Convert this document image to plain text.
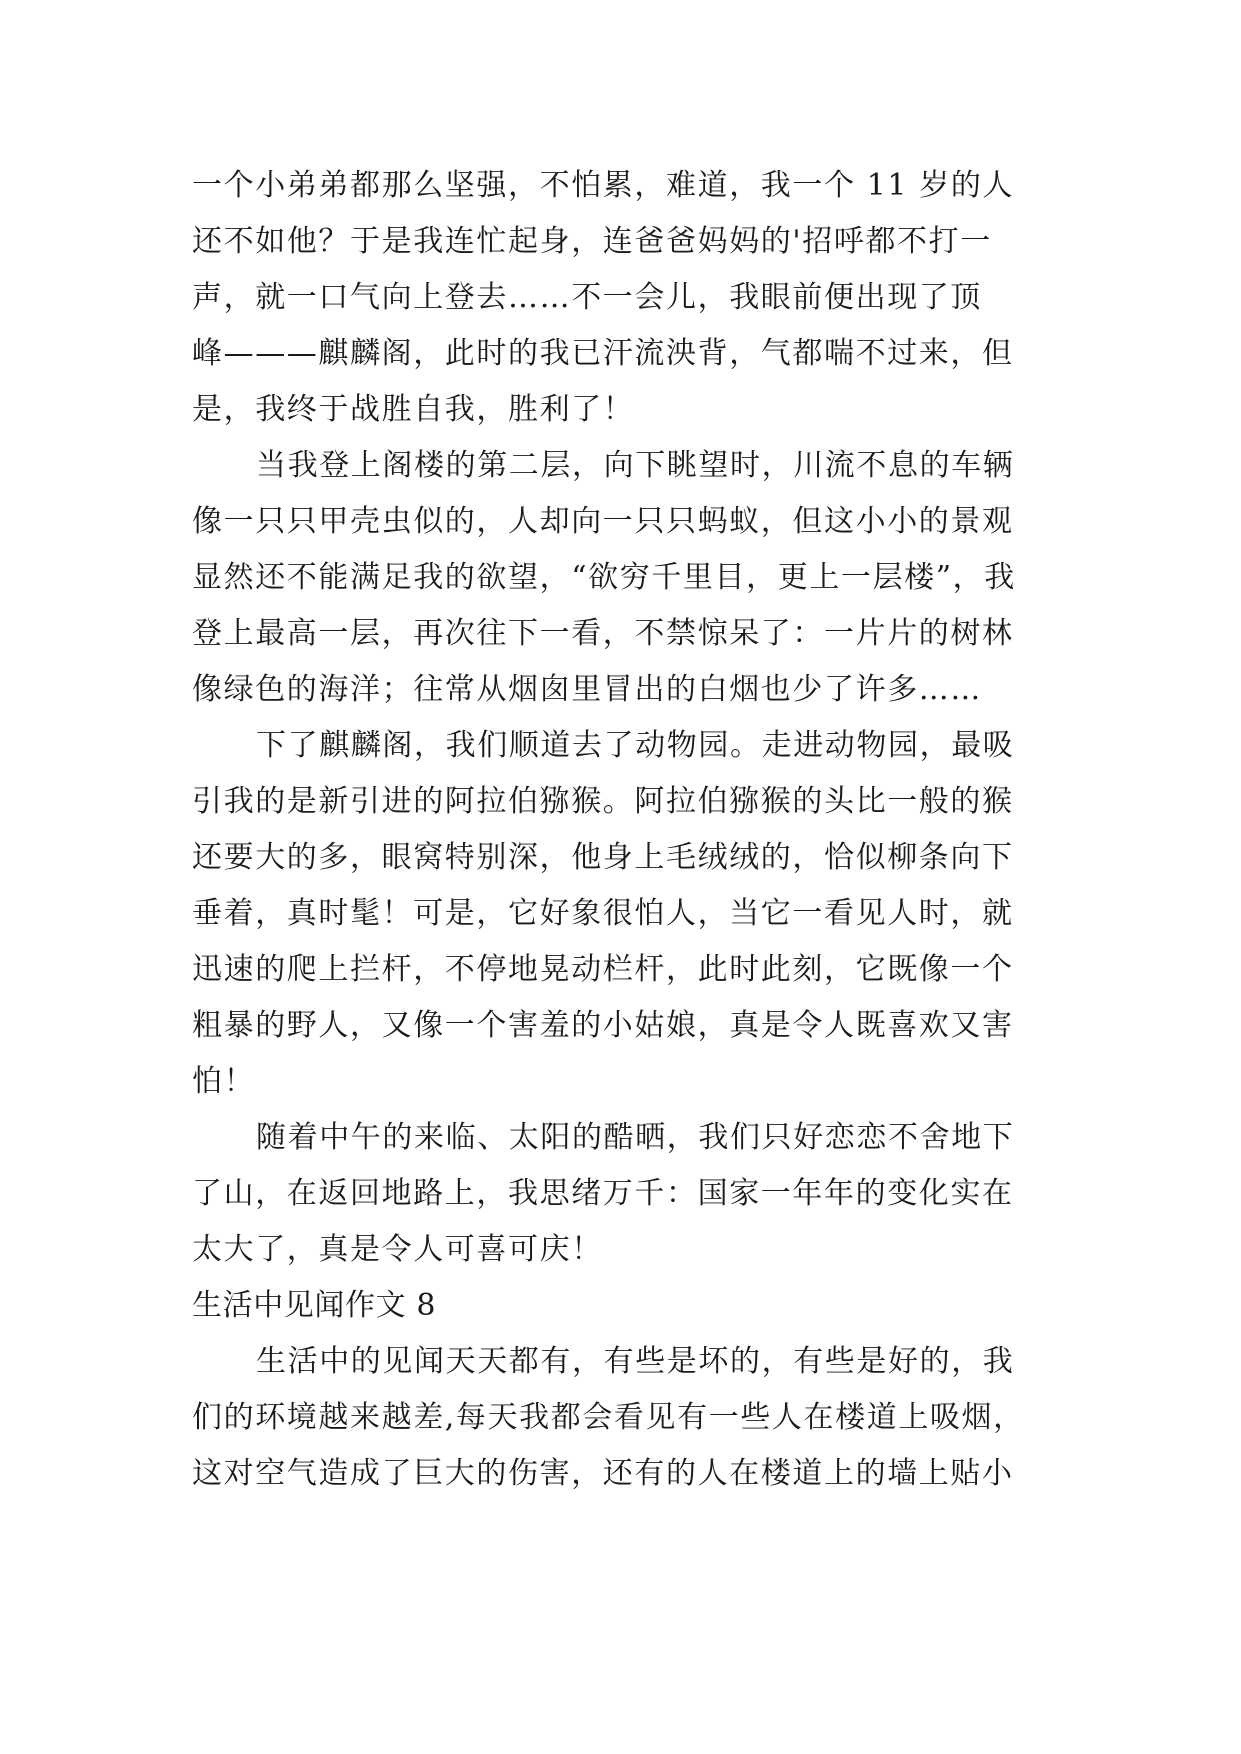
一个小弟弟都那么坚强，不怕累，难道，我一个 11 岁的人
还不如他？于是我连忙起身，连爸爸妈妈的'招呼都不打一
声，就一口气向上登去……不一会儿，我眼前便出现了顶
峰———麒麟阁，此时的我已汗流泱背，气都喘不过来，但
是，我终于战胜自我，胜利了！
当我登上阁楼的第二层，向下眺望时，川流不息的车辆
像一只只甲壳虫似的，人却向一只只蚂蚁，但这小小的景观
显然还不能满足我的欲望，“欲穷千里目，更上一层楼”，我
登上最高一层，再次往下一看，不禁惊呆了：一片片的树林
像绿色的海洋；往常从烟囱里冒出的白烟也少了许多……
下了麒麟阁，我们顺道去了动物园。走进动物园，最吸
引我的是新引进的阿拉伯猕猴。阿拉伯猕猴的头比一般的猴
还要大的多，眼窝特别深，他身上毛绒绒的，恰似柳条向下
垂着，真时髦！可是，它好象很怕人，当它一看见人时，就
迅速的爬上拦杆，不停地晃动栏杆，此时此刻，它既像一个
粗暴的野人，又像一个害羞的小姑娘，真是令人既喜欢又害
怕！
随着中午的来临、太阳的酷晒，我们只好恋恋不舍地下
了山，在返回地路上，我思绪万千：国家一年年的变化实在
太大了，真是令人可喜可庆！
生活中见闻作文 8
生活中的见闻天天都有，有些是坏的，有些是好的，我
们的环境越来越差,每天我都会看见有一些人在楼道上吸烟，
这对空气造成了巨大的伤害，还有的人在楼道上的墙上贴小
